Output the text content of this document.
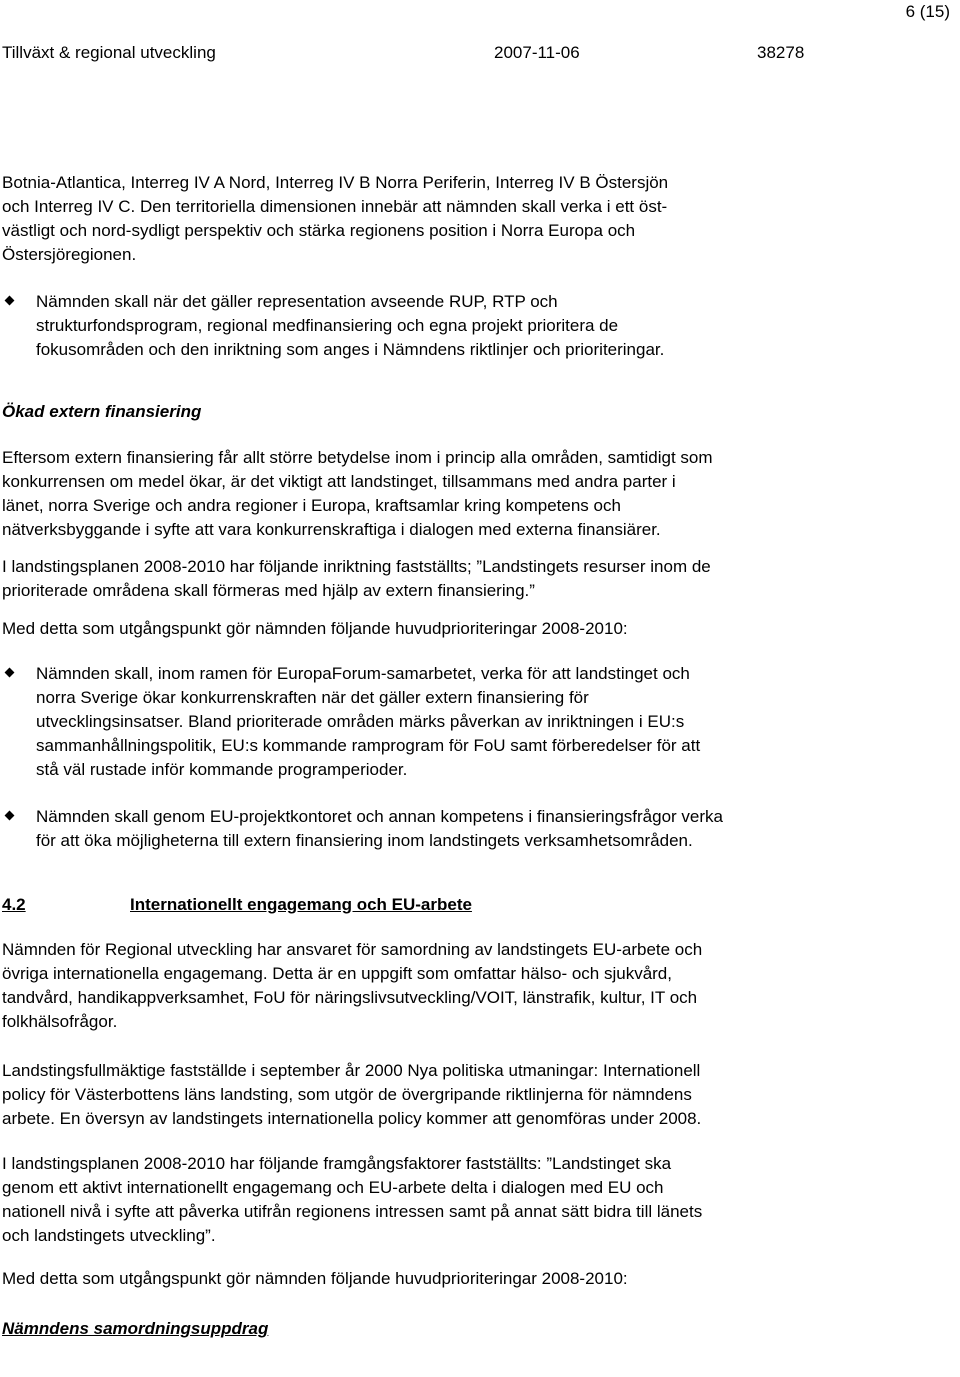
6 (15)
Tillväxt & regional utveckling	2007-11-06	38278
Botnia-Atlantica, Interreg IV A Nord, Interreg IV B Norra Periferin, Interreg IV B Östersjön
och Interreg IV C. Den territoriella dimensionen innebär att nämnden skall verka i ett öst-
västligt och nord-sydligt perspektiv och stärka regionens position i Norra Europa och
Östersjöregionen.
Nämnden skall när det gäller representation avseende RUP, RTP och
strukturfondsprogram, regional medfinansiering och egna projekt prioritera de
fokusområden och den inriktning som anges i Nämndens riktlinjer och prioriteringar.
Ökad extern finansiering
Eftersom extern finansiering får allt större betydelse inom i princip alla områden, samtidigt som
konkurrensen om medel ökar, är det viktigt att landstinget, tillsammans med andra parter i
länet, norra Sverige och andra regioner i Europa, kraftsamlar kring kompetens och
nätverksbyggande i syfte att vara konkurrenskraftiga i dialogen med externa finansiärer.
I landstingsplanen 2008-2010 har följande inriktning fastställts; ”Landstingets resurser inom de
prioriterade områdena skall förmeras med hjälp av extern finansiering.”
Med detta som utgångspunkt gör nämnden följande huvudprioriteringar 2008-2010:
Nämnden skall, inom ramen för EuropaForum-samarbetet, verka för att landstinget och
norra Sverige ökar konkurrenskraften när det gäller extern finansiering för
utvecklingsinsatser. Bland prioriterade områden märks påverkan av inriktningen i EU:s
sammanhållningspolitik, EU:s kommande ramprogram för FoU samt förberedelser för att
stå väl rustade inför kommande programperioder.
Nämnden skall genom EU-projektkontoret och annan kompetens i finansieringsfrågor verka
för att öka möjligheterna till extern finansiering inom landstingets verksamhetsområden.
4.2	Internationellt engagemang och EU-arbete
Nämnden för Regional utveckling har ansvaret för samordning av landstingets EU-arbete och
övriga internationella engagemang. Detta är en uppgift som omfattar hälso- och sjukvård,
tandvård, handikappverksamhet, FoU för näringslivsutveckling/VOIT, länstrafik, kultur, IT och
folkhälsofrågor.
Landstingsfullmäktige fastställde i september år 2000 Nya politiska utmaningar: Internationell
policy för Västerbottens läns landsting, som utgör de övergripande riktlinjerna för nämndens
arbete. En översyn av landstingets internationella policy kommer att genomföras under 2008.
I landstingsplanen 2008-2010 har följande framgångsfaktorer fastställts: ”Landstinget ska
genom ett aktivt internationellt engagemang och EU-arbete delta i dialogen med EU och
nationell nivå i syfte att påverka utifrån regionens intressen samt på annat sätt bidra till länets
och landstingets utveckling”.
Med detta som utgångspunkt gör nämnden följande huvudprioriteringar 2008-2010:
Nämndens samordningsuppdrag
